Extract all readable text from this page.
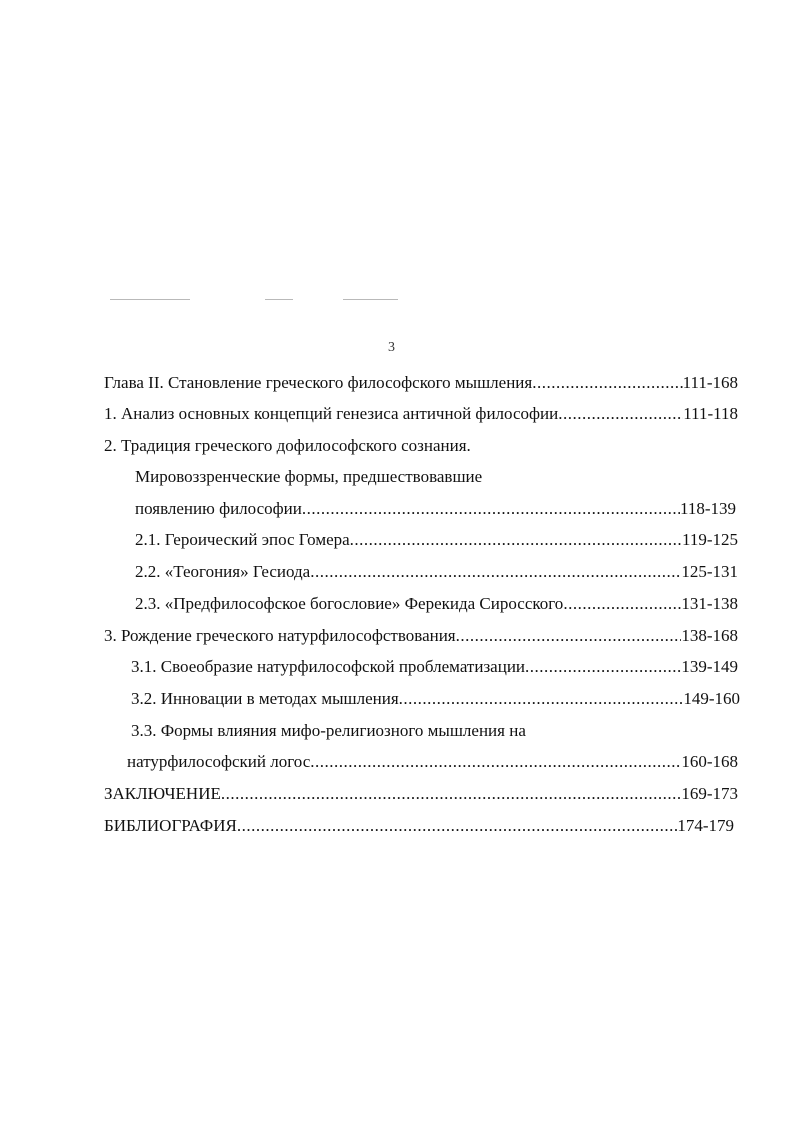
3
Глава II. Становление греческого философского мышления .....	111-168
1. Анализ основных концепций генезиса античной философии .....	111-118
2. Традиция греческого дофилософского сознания.
Мировоззренческие формы, предшествовавшие
появлению философии .....	118-139
2.1. Героический эпос Гомера .....	119-125
2.2. «Теогония» Гесиода .....	125-131
2.3. «Предфилософское богословие» Ферекида Сиросского .....	131-138
3. Рождение греческого натурфилософствования .....	138-168
3.1. Своеобразие натурфилософской проблематизации .....	139-149
3.2. Инновации в методах мышления .....	149-160
3.3. Формы влияния мифо-религиозного мышления на
натурфилософский логос .....	160-168
ЗАКЛЮЧЕНИЕ .....	169-173
БИБЛИОГРАФИЯ .....	174-179
